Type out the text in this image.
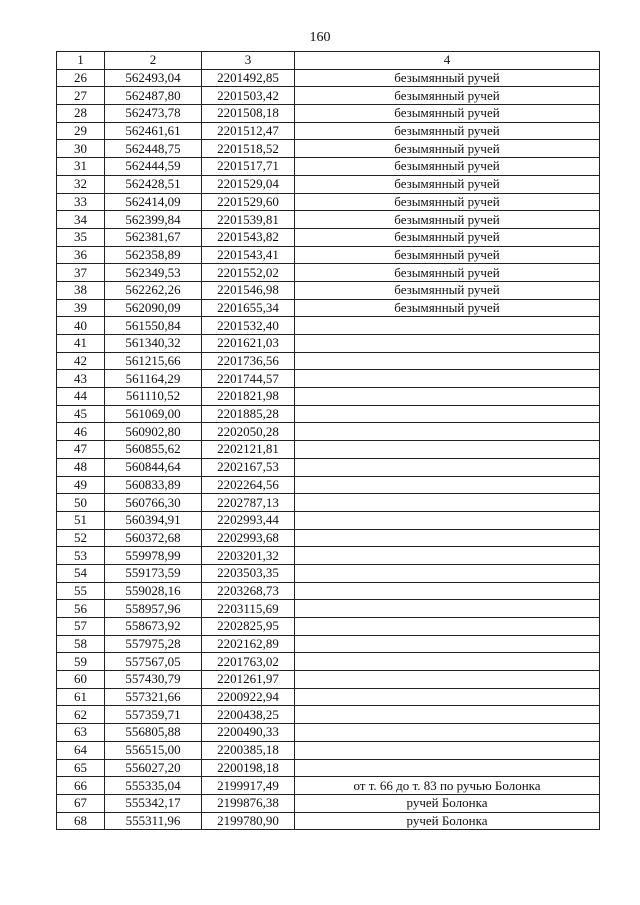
160
1	2	3	4
26	562493,04	2201492,85	безымянный ручей
27	562487,80	2201503,42	безымянный ручей
28	562473,78	2201508,18	безымянный ручей
29	562461,61	2201512,47	безымянный ручей
30	562448,75	2201518,52	безымянный ручей
31	562444,59	2201517,71	безымянный ручей
32	562428,51	2201529,04	безымянный ручей
33	562414,09	2201529,60	безымянный ручей
34	562399,84	2201539,81	безымянный ручей
35	562381,67	2201543,82	безымянный ручей
36	562358,89	2201543,41	безымянный ручей
37	562349,53	2201552,02	безымянный ручей
38	562262,26	2201546,98	безымянный ручей
39	562090,09	2201655,34	безымянный ручей
40	561550,84	2201532,40	
41	561340,32	2201621,03	
42	561215,66	2201736,56	
43	561164,29	2201744,57	
44	561110,52	2201821,98	
45	561069,00	2201885,28	
46	560902,80	2202050,28	
47	560855,62	2202121,81	
48	560844,64	2202167,53	
49	560833,89	2202264,56	
50	560766,30	2202787,13	
51	560394,91	2202993,44	
52	560372,68	2202993,68	
53	559978,99	2203201,32	
54	559173,59	2203503,35	
55	559028,16	2203268,73	
56	558957,96	2203115,69	
57	558673,92	2202825,95	
58	557975,28	2202162,89	
59	557567,05	2201763,02	
60	557430,79	2201261,97	
61	557321,66	2200922,94	
62	557359,71	2200438,25	
63	556805,88	2200490,33	
64	556515,00	2200385,18	
65	556027,20	2200198,18	
66	555335,04	2199917,49	от т. 66 до т. 83 по ручью Болонка
67	555342,17	2199876,38	ручей Болонка
68	555311,96	2199780,90	ручей Болонка
